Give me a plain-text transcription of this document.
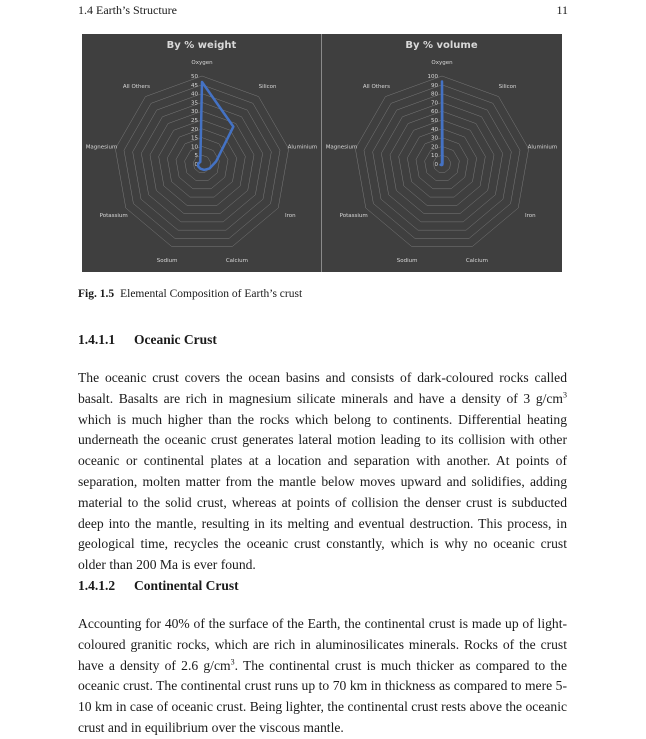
1.4 Earth’s Structure	11
By % weight
Oxygen
Silicon
Aluminium
Iron
Calcium
Sodium
Potassium
Magnesium
All Others
0
5
10
15
20
25
30
35
40
45
50
By % volume
Oxygen
Silicon
Aluminium
Iron
Calcium
Sodium
Potassium
Magnesium
All Others
0
10
20
30
40
50
60
70
80
90
100
Fig. 1.5 Elemental Composition of Earth’s crust
1.4.1.1 Oceanic Crust

The oceanic crust covers the ocean basins and consists of dark-coloured rocks called basalt. Basalts are rich in magnesium silicate minerals and have a density of 3 $g/cm^3$ which is much higher than the rocks which belong to continents. Differential heating underneath the oceanic crust generates lateral motion leading to its collision with other oceanic or continental plates at a location and separation with another. At points of separation, molten matter from the mantle below moves upward and solidifies, adding material to the solid crust, whereas at points of collision the denser crust is subducted deep into the mantle, resulting in its melting and eventual destruction. This process, in geological time, recycles the oceanic crust constantly, which is why no oceanic crust older than 200 Ma is ever found.

1.4.1.2 Continental Crust

Accounting for 40% of the surface of the Earth, the continental crust is made up of light-coloured granitic rocks, which are rich in aluminosilicates minerals. Rocks of the crust have a density of 2.6 $g/cm^3$. The continental crust is much thicker as compared to the oceanic crust. The continental crust runs up to 70 km in thickness as compared to mere 5-10 km in case of oceanic crust. Being lighter, the continental crust rests above the oceanic crust and in equilibrium over the viscous mantle.
